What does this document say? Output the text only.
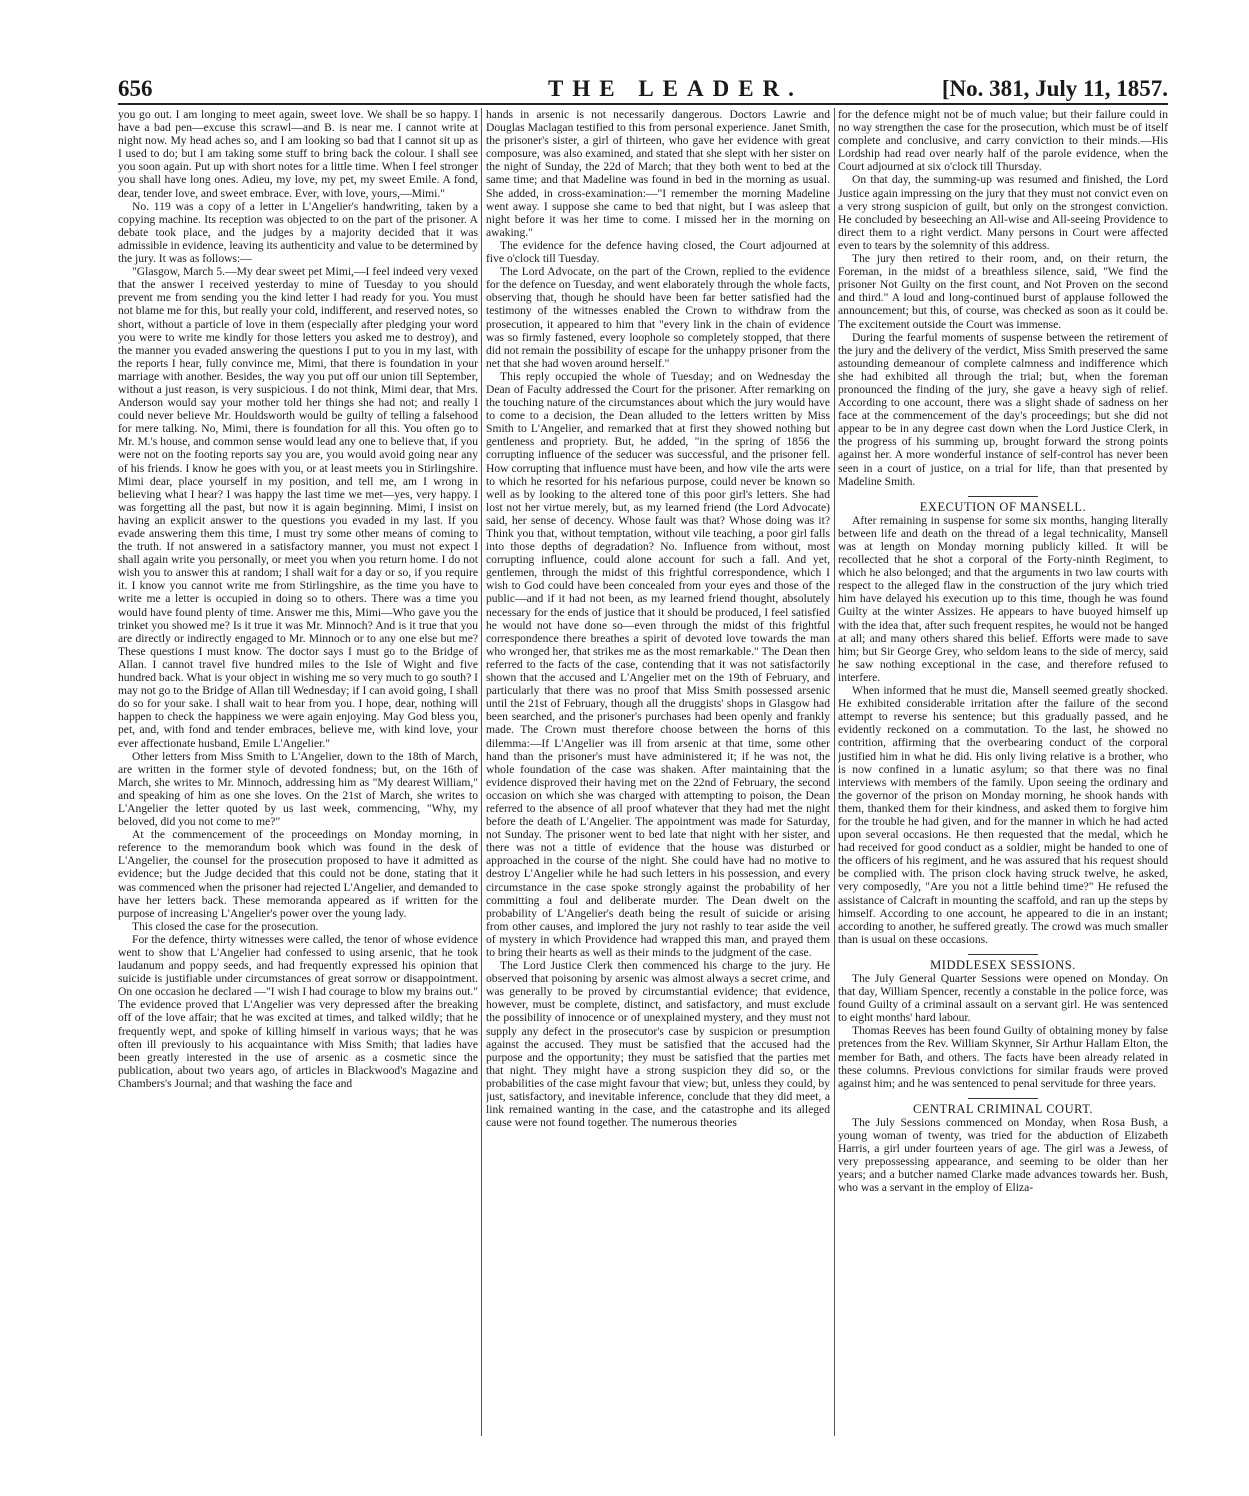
656	THE LEADER.	[No. 381, July 11, 1857.

you go out. I am longing to meet again, sweet love. We shall be so happy. I have a bad pen—excuse this scrawl—and B. is near me. I cannot write at night now. My head aches so, and I am looking so bad that I cannot sit up as I used to do; but I am taking some stuff to bring back the colour. I shall see you soon again. Put up with short notes for a little time. When I feel stronger you shall have long ones. Adieu, my love, my pet, my sweet Emile. A fond, dear, tender love, and sweet embrace. Ever, with love, yours,—Mimi."

No. 119 was a copy of a letter in L'Angelier's handwriting, taken by a copying machine. Its reception was objected to on the part of the prisoner. A debate took place, and the judges by a majority decided that it was admissible in evidence, leaving its authenticity and value to be determined by the jury. It was as follows:—

"Glasgow, March 5.—My dear sweet pet Mimi,—I feel indeed very vexed that the answer I received yesterday to mine of Tuesday to you should prevent me from sending you the kind letter I had ready for you. You must not blame me for this, but really your cold, indifferent, and reserved notes, so short, without a particle of love in them (especially after pledging your word you were to write me kindly for those letters you asked me to destroy), and the manner you evaded answering the questions I put to you in my last, with the reports I hear, fully convince me, Mimi, that there is foundation in your marriage with another. Besides, the way you put off our union till September, without a just reason, is very suspicious. I do not think, Mimi dear, that Mrs. Anderson would say your mother told her things she had not; and really I could never believe Mr. Houldsworth would be guilty of telling a falsehood for mere talking. No, Mimi, there is foundation for all this. You often go to Mr. M.'s house, and common sense would lead any one to believe that, if you were not on the footing reports say you are, you would avoid going near any of his friends. I know he goes with you, or at least meets you in Stirlingshire. Mimi dear, place yourself in my position, and tell me, am I wrong in believing what I hear? I was happy the last time we met—yes, very happy. I was forgetting all the past, but now it is again beginning. Mimi, I insist on having an explicit answer to the questions you evaded in my last. If you evade answering them this time, I must try some other means of coming to the truth. If not answered in a satisfactory manner, you must not expect I shall again write you personally, or meet you when you return home. I do not wish you to answer this at random; I shall wait for a day or so, if you require it. I know you cannot write me from Stirlingshire, as the time you have to write me a letter is occupied in doing so to others. There was a time you would have found plenty of time. Answer me this, Mimi—Who gave you the trinket you showed me? Is it true it was Mr. Minnoch? And is it true that you are directly or indirectly engaged to Mr. Minnoch or to any one else but me? These questions I must know. The doctor says I must go to the Bridge of Allan. I cannot travel five hundred miles to the Isle of Wight and five hundred back. What is your object in wishing me so very much to go south? I may not go to the Bridge of Allan till Wednesday; if I can avoid going, I shall do so for your sake. I shall wait to hear from you. I hope, dear, nothing will happen to check the happiness we were again enjoying. May God bless you, pet, and, with fond and tender embraces, believe me, with kind love, your ever affectionate husband, Emile L'Angelier."

Other letters from Miss Smith to L'Angelier, down to the 18th of March, are written in the former style of devoted fondness; but, on the 16th of March, she writes to Mr. Minnoch, addressing him as "My dearest William," and speaking of him as one she loves. On the 21st of March, she writes to L'Angelier the letter quoted by us last week, commencing, "Why, my beloved, did you not come to me?"

At the commencement of the proceedings on Monday morning, in reference to the memorandum book which was found in the desk of L'Angelier, the counsel for the prosecution proposed to have it admitted as evidence; but the Judge decided that this could not be done, stating that it was commenced when the prisoner had rejected L'Angelier, and demanded to have her letters back. These memoranda appeared as if written for the purpose of increasing L'Angelier's power over the young lady.

This closed the case for the prosecution.

For the defence, thirty witnesses were called, the tenor of whose evidence went to show that L'Angelier had confessed to using arsenic, that he took laudanum and poppy seeds, and had frequently expressed his opinion that suicide is justifiable under circumstances of great sorrow or disappointment. On one occasion he declared —"I wish I had courage to blow my brains out." The evidence proved that L'Angelier was very depressed after the breaking off of the love affair; that he was excited at times, and talked wildly; that he frequently wept, and spoke of killing himself in various ways; that he was often ill previously to his acquaintance with Miss Smith; that ladies have been greatly interested in the use of arsenic as a cosmetic since the publication, about two years ago, of articles in Blackwood's Magazine and Chambers's Journal; and that washing the face and

hands in arsenic is not necessarily dangerous. Doctors Lawrie and Douglas Maclagan testified to this from personal experience. Janet Smith, the prisoner's sister, a girl of thirteen, who gave her evidence with great composure, was also examined, and stated that she slept with her sister on the night of Sunday, the 22d of March; that they both went to bed at the same time; and that Madeline was found in bed in the morning as usual. She added, in cross-examination:—"I remember the morning Madeline went away. I suppose she came to bed that night, but I was asleep that night before it was her time to come. I missed her in the morning on awaking."

The evidence for the defence having closed, the Court adjourned at five o'clock till Tuesday.

The Lord Advocate, on the part of the Crown, replied to the evidence for the defence on Tuesday, and went elaborately through the whole facts, observing that, though he should have been far better satisfied had the testimony of the witnesses enabled the Crown to withdraw from the prosecution, it appeared to him that "every link in the chain of evidence was so firmly fastened, every loophole so completely stopped, that there did not remain the possibility of escape for the unhappy prisoner from the net that she had woven around herself."

This reply occupied the whole of Tuesday; and on Wednesday the Dean of Faculty addressed the Court for the prisoner. After remarking on the touching nature of the circumstances about which the jury would have to come to a decision, the Dean alluded to the letters written by Miss Smith to L'Angelier, and remarked that at first they showed nothing but gentleness and propriety. But, he added, "in the spring of 1856 the corrupting influence of the seducer was successful, and the prisoner fell. How corrupting that influence must have been, and how vile the arts were to which he resorted for his nefarious purpose, could never be known so well as by looking to the altered tone of this poor girl's letters. She had lost not her virtue merely, but, as my learned friend (the Lord Advocate) said, her sense of decency. Whose fault was that? Whose doing was it? Think you that, without temptation, without vile teaching, a poor girl falls into those depths of degradation? No. Influence from without, most corrupting influence, could alone account for such a fall. And yet, gentlemen, through the midst of this frightful correspondence, which I wish to God could have been concealed from your eyes and those of the public—and if it had not been, as my learned friend thought, absolutely necessary for the ends of justice that it should be produced, I feel satisfied he would not have done so—even through the midst of this frightful correspondence there breathes a spirit of devoted love towards the man who wronged her, that strikes me as the most remarkable." The Dean then referred to the facts of the case, contending that it was not satisfactorily shown that the accused and L'Angelier met on the 19th of February, and particularly that there was no proof that Miss Smith possessed arsenic until the 21st of February, though all the druggists' shops in Glasgow had been searched, and the prisoner's purchases had been openly and frankly made. The Crown must therefore choose between the horns of this dilemma:—If L'Angelier was ill from arsenic at that time, some other hand than the prisoner's must have administered it; if he was not, the whole foundation of the case was shaken. After maintaining that the evidence disproved their having met on the 22nd of February, the second occasion on which she was charged with attempting to poison, the Dean referred to the absence of all proof whatever that they had met the night before the death of L'Angelier. The appointment was made for Saturday, not Sunday. The prisoner went to bed late that night with her sister, and there was not a tittle of evidence that the house was disturbed or approached in the course of the night. She could have had no motive to destroy L'Angelier while he had such letters in his possession, and every circumstance in the case spoke strongly against the probability of her committing a foul and deliberate murder. The Dean dwelt on the probability of L'Angelier's death being the result of suicide or arising from other causes, and implored the jury not rashly to tear aside the veil of mystery in which Providence had wrapped this man, and prayed them to bring their hearts as well as their minds to the judgment of the case.

The Lord Justice Clerk then commenced his charge to the jury. He observed that poisoning by arsenic was almost always a secret crime, and was generally to be proved by circumstantial evidence; that evidence, however, must be complete, distinct, and satisfactory, and must exclude the possibility of innocence or of unexplained mystery, and they must not supply any defect in the prosecutor's case by suspicion or presumption against the accused. They must be satisfied that the accused had the purpose and the opportunity; they must be satisfied that the parties met that night. They might have a strong suspicion they did so, or the probabilities of the case might favour that view; but, unless they could, by just, satisfactory, and inevitable inference, conclude that they did meet, a link remained wanting in the case, and the catastrophe and its alleged cause were not found together. The numerous theories

for the defence might not be of much value; but their failure could in no way strengthen the case for the prosecution, which must be of itself complete and conclusive, and carry conviction to their minds.—His Lordship had read over nearly half of the parole evidence, when the Court adjourned at six o'clock till Thursday.

On that day, the summing-up was resumed and finished, the Lord Justice again impressing on the jury that they must not convict even on a very strong suspicion of guilt, but only on the strongest conviction. He concluded by beseeching an All-wise and All-seeing Providence to direct them to a right verdict. Many persons in Court were affected even to tears by the solemnity of this address.

The jury then retired to their room, and, on their return, the Foreman, in the midst of a breathless silence, said, "We find the prisoner Not Guilty on the first count, and Not Proven on the second and third." A loud and long-continued burst of applause followed the announcement; but this, of course, was checked as soon as it could be. The excitement outside the Court was immense.

During the fearful moments of suspense between the retirement of the jury and the delivery of the verdict, Miss Smith preserved the same astounding demeanour of complete calmness and indifference which she had exhibited all through the trial; but, when the foreman pronounced the finding of the jury, she gave a heavy sigh of relief. According to one account, there was a slight shade of sadness on her face at the commencement of the day's proceedings; but she did not appear to be in any degree cast down when the Lord Justice Clerk, in the progress of his summing up, brought forward the strong points against her. A more wonderful instance of self-control has never been seen in a court of justice, on a trial for life, than that presented by Madeline Smith.

EXECUTION OF MANSELL.

After remaining in suspense for some six months, hanging literally between life and death on the thread of a legal technicality, Mansell was at length on Monday morning publicly killed. It will be recollected that he shot a corporal of the Forty-ninth Regiment, to which he also belonged; and that the arguments in two law courts with respect to the alleged flaw in the construction of the jury which tried him have delayed his execution up to this time, though he was found Guilty at the winter Assizes. He appears to have buoyed himself up with the idea that, after such frequent respites, he would not be hanged at all; and many others shared this belief. Efforts were made to save him; but Sir George Grey, who seldom leans to the side of mercy, said he saw nothing exceptional in the case, and therefore refused to interfere.

When informed that he must die, Mansell seemed greatly shocked. He exhibited considerable irritation after the failure of the second attempt to reverse his sentence; but this gradually passed, and he evidently reckoned on a commutation. To the last, he showed no contrition, affirming that the overbearing conduct of the corporal justified him in what he did. His only living relative is a brother, who is now confined in a lunatic asylum; so that there was no final interviews with members of the family. Upon seeing the ordinary and the governor of the prison on Monday morning, he shook hands with them, thanked them for their kindness, and asked them to forgive him for the trouble he had given, and for the manner in which he had acted upon several occasions. He then requested that the medal, which he had received for good conduct as a soldier, might be handed to one of the officers of his regiment, and he was assured that his request should be complied with. The prison clock having struck twelve, he asked, very composedly, "Are you not a little behind time?" He refused the assistance of Calcraft in mounting the scaffold, and ran up the steps by himself. According to one account, he appeared to die in an instant; according to another, he suffered greatly. The crowd was much smaller than is usual on these occasions.

MIDDLESEX SESSIONS.

The July General Quarter Sessions were opened on Monday. On that day, William Spencer, recently a constable in the police force, was found Guilty of a criminal assault on a servant girl. He was sentenced to eight months' hard labour.

Thomas Reeves has been found Guilty of obtaining money by false pretences from the Rev. William Skynner, Sir Arthur Hallam Elton, the member for Bath, and others. The facts have been already related in these columns. Previous convictions for similar frauds were proved against him; and he was sentenced to penal servitude for three years.

CENTRAL CRIMINAL COURT.

The July Sessions commenced on Monday, when Rosa Bush, a young woman of twenty, was tried for the abduction of Elizabeth Harris, a girl under fourteen years of age. The girl was a Jewess, of very prepossessing appearance, and seeming to be older than her years; and a butcher named Clarke made advances towards her. Bush, who was a servant in the employ of Eliza-
